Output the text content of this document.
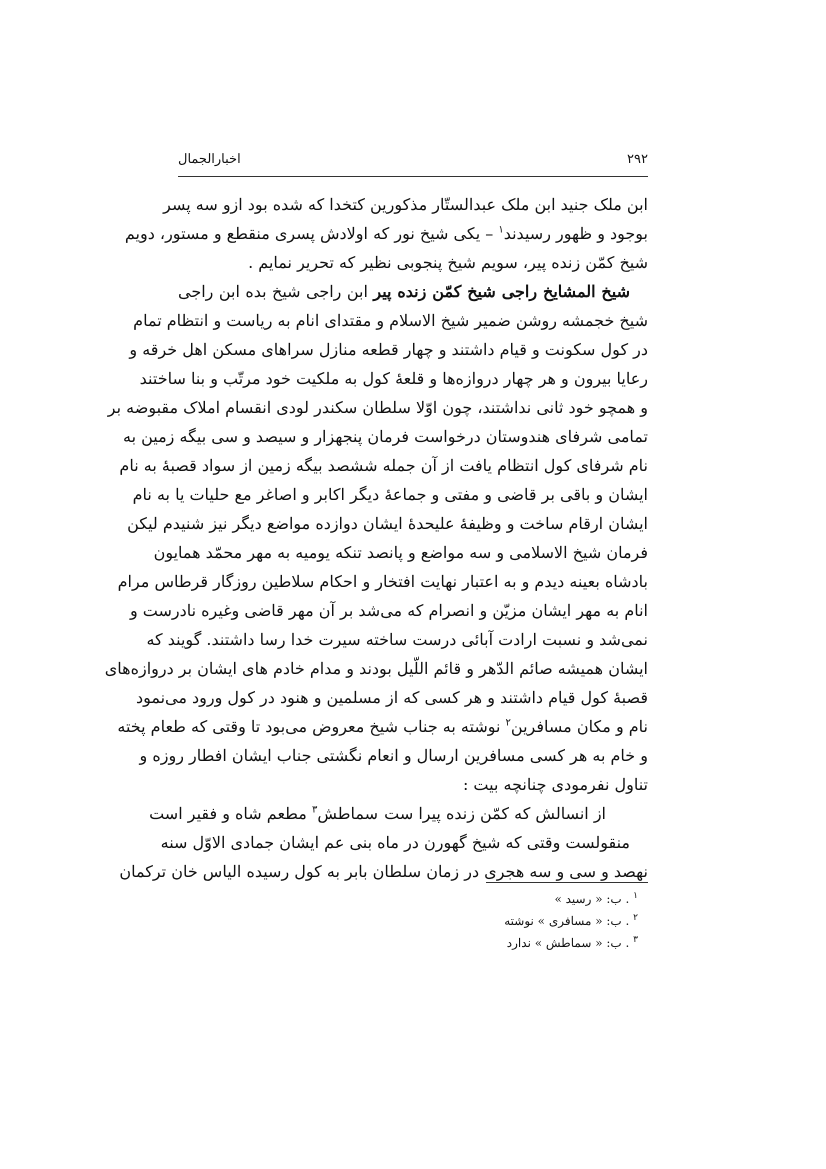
۲۹۲
اخبارالجمال
ابن ملک جنید ابن ملک عبدالستّار مذکورین کتخدا که شده بود ازو سه پسر
بوجود و ظهور رسیدند$^۱$ – یکی شیخ نور که اولادش پسری منقطع و مستور، دویم
شیخ کمّن زنده پیر، سویم شیخ پنجوبی نظیر که تحریر نمایم .
شیخ المشایخ راجی شیخ کمّن زنده پیر ابن راجی شیخ بده ابن راجی
شیخ خجمشه روشن ضمیر شیخ الاسلام و مقتدای انام به ریاست و انتظام تمام
در کول سکونت و قیام داشتند و چهار قطعه منازل سراهای مسکن اهل خرقه و
رعایا بیرون و هر چهار دروازه‌ها و قلعهٔ کول به ملکیت خود مرتّب و بنا ساختند
و همچو خود ثانی نداشتند، چون اوّلا سلطان سکندر لودی انقسام املاک مقبوضه بر
تمامی شرفای هندوستان درخواست فرمان پنجهزار و سیصد و سی بیگه زمین به
نام شرفای کول انتظام یافت از آن جمله ششصد بیگه زمین از سواد قصبهٔ به نام
ایشان و باقی بر قاضی و مفتی و جماعهٔ دیگر اکابر و اصاغر مع حلیات یا به نام
ایشان ارقام ساخت و وظیفهٔ علیحدهٔ ایشان دوازده مواضع دیگر نیز شنیدم لیکن
فرمان شیخ الاسلامی و سه مواضع و پانصد تنکه یومیه به مهر محمّد همایون
بادشاه بعینه دیدم و به اعتبار نهایت افتخار و احکام سلاطین روزگار قرطاس مرام
انام به مهر ایشان مزیّن و انصرام که می‌شد بر آن مهر قاضی وغیره نادرست و
نمی‌شد و نسبت ارادت آبائی درست ساخته سیرت خدا رسا داشتند. گویند که
ایشان همیشه صائم الدّهر و قائم اللّیل بودند و مدام خادم های ایشان بر دروازه‌های
قصبهٔ کول قیام داشتند و هر کسی که از مسلمین و هنود در کول ورود می‌نمود
نام و مکان مسافرین$^۲$ نوشته به جناب شیخ معروض می‌بود تا وقتی که طعام پخته
و خام به هر کسی مسافرین ارسال و انعام نگشتی جناب ایشان افطار روزه و
تناول نفرمودی چنانچه بیت :
از انسالش که کمّن زنده پیرا ست
سماطش$^۳$ مطعم شاه و فقیر است
منقولست وقتی که شیخ گهورن در ماه بنی عم ایشان جمادی الاوّل سنه
نهصد و سی و سه هجری در زمان سلطان بابر به کول رسیده الیاس خان ترکمان
$^۱$ . ب: « رسید »
$^۲$ . ب: « مسافری » نوشته
$^۳$ . ب: « سماطش » ندارد
